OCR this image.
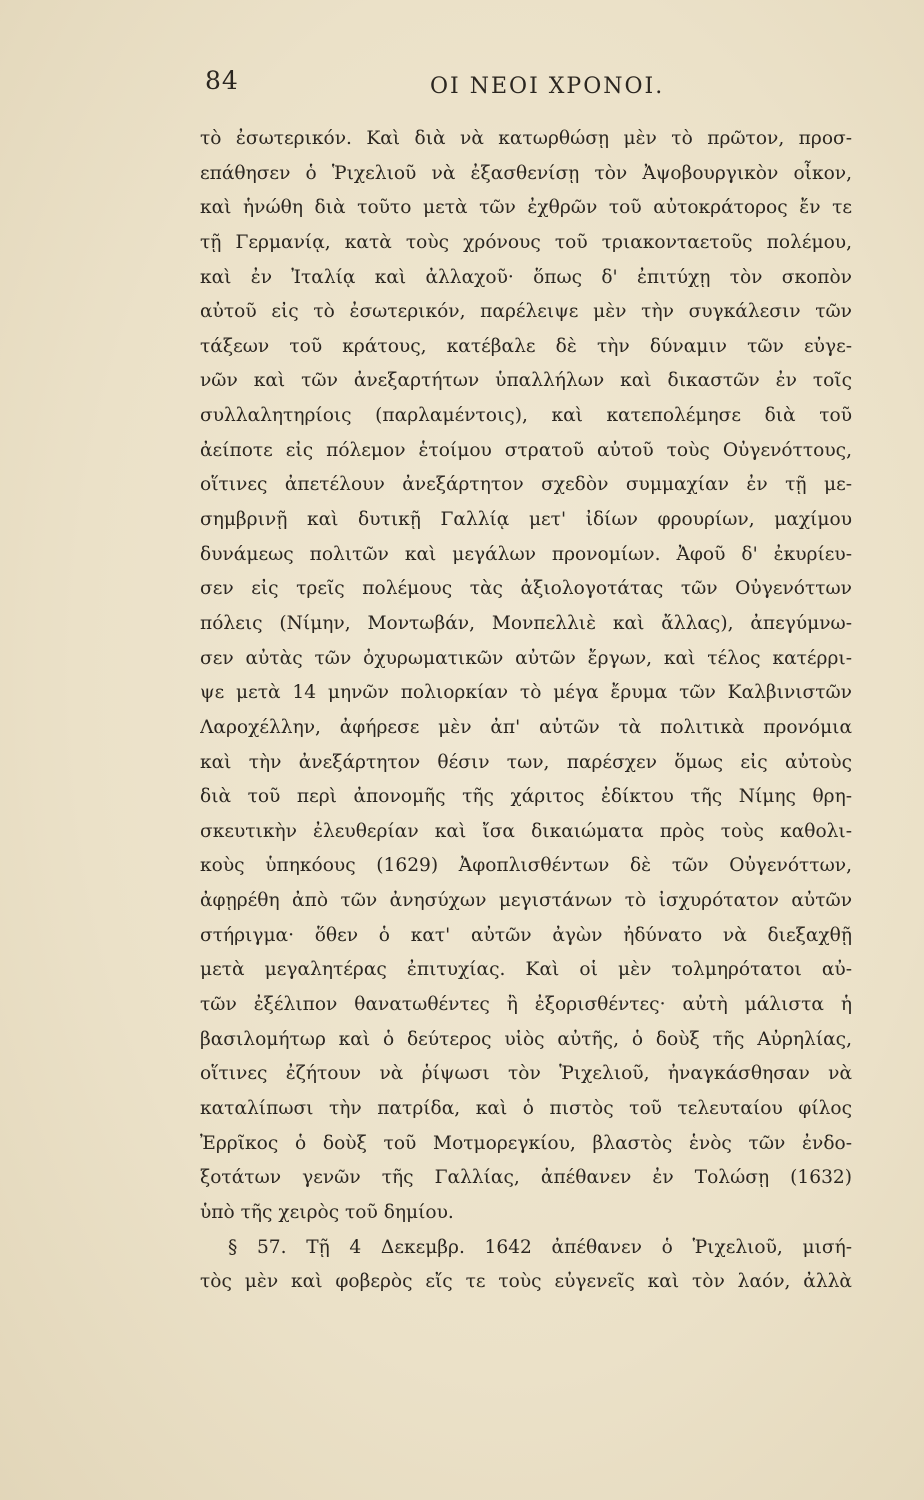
84	ΟΙ ΝΕΟΙ ΧΡΟΝΟΙ.
τὸ ἐσωτερικόν. Καὶ διὰ νὰ κατωρθώσῃ μὲν τὸ πρῶτον, προσ-
επάθησεν ὁ Ῥιχελιοῦ νὰ ἐξασθενίσῃ τὸν Ἀψοβουργικὸν οἶκον,
καὶ ἡνώθη διὰ τοῦτο μετὰ τῶν ἐχθρῶν τοῦ αὐτοκράτορος ἔν τε
τῇ Γερμανίᾳ, κατὰ τοὺς χρόνους τοῦ τριακονταετοῦς πολέμου,
καὶ ἐν Ἰταλίᾳ καὶ ἀλλαχοῦ· ὅπως δ' ἐπιτύχῃ τὸν σκοπὸν
αὐτοῦ εἰς τὸ ἐσωτερικόν, παρέλειψε μὲν τὴν συγκάλεσιν τῶν
τάξεων τοῦ κράτους, κατέβαλε δὲ τὴν δύναμιν τῶν εὐγε-
νῶν καὶ τῶν ἀνεξαρτήτων ὑπαλλήλων καὶ δικαστῶν ἐν τοῖς
συλλαλητηρίοις (παρλαμέντοις), καὶ κατεπολέμησε διὰ τοῦ
ἀείποτε εἰς πόλεμον ἑτοίμου στρατοῦ αὐτοῦ τοὺς Οὐγενόττους,
οἵτινες ἀπετέλουν ἀνεξάρτητον σχεδὸν συμμαχίαν ἐν τῇ με-
σημβρινῇ καὶ δυτικῇ Γαλλίᾳ μετ' ἰδίων φρουρίων, μαχίμου
δυνάμεως πολιτῶν καὶ μεγάλων προνομίων. Ἀφοῦ δ' ἐκυρίευ-
σεν εἰς τρεῖς πολέμους τὰς ἀξιολογοτάτας τῶν Οὐγενόττων
πόλεις (Νίμην, Μοντωβάν, Μονπελλιὲ καὶ ἄλλας), ἀπεγύμνω-
σεν αὐτὰς τῶν ὀχυρωματικῶν αὐτῶν ἔργων, καὶ τέλος κατέρρι-
ψε μετὰ 14 μηνῶν πολιορκίαν τὸ μέγα ἔρυμα τῶν Καλβινιστῶν
Λαροχέλλην, ἀφήρεσε μὲν ἀπ' αὐτῶν τὰ πολιτικὰ προνόμια
καὶ τὴν ἀνεξάρτητον θέσιν των, παρέσχεν ὅμως εἰς αὐτοὺς
διὰ τοῦ περὶ ἀπονομῆς τῆς χάριτος ἐδίκτου τῆς Νίμης θρη-
σκευτικὴν ἐλευθερίαν καὶ ἴσα δικαιώματα πρὸς τοὺς καθολι-
κοὺς ὑπηκόους (1629) Ἀφοπλισθέντων δὲ τῶν Οὐγενόττων,
ἀφῃρέθη ἀπὸ τῶν ἀνησύχων μεγιστάνων τὸ ἰσχυρότατον αὐτῶν
στήριγμα· ὅθεν ὁ κατ' αὐτῶν ἀγὼν ἠδύνατο νὰ διεξαχθῇ
μετὰ μεγαλητέρας ἐπιτυχίας. Καὶ οἱ μὲν τολμηρότατοι αὐ-
τῶν ἐξέλιπον θανατωθέντες ἢ ἐξορισθέντες· αὐτὴ μάλιστα ἡ
βασιλομήτωρ καὶ ὁ δεύτερος υἱὸς αὐτῆς, ὁ δοὺξ τῆς Αὐρηλίας,
οἵτινες ἐζήτουν νὰ ῥίψωσι τὸν Ῥιχελιοῦ, ἠναγκάσθησαν νὰ
καταλίπωσι τὴν πατρίδα, καὶ ὁ πιστὸς τοῦ τελευταίου φίλος
Ἐρρῖκος ὁ δοὺξ τοῦ Μοτμορεγκίου, βλαστὸς ἑνὸς τῶν ἐνδο-
ξοτάτων γενῶν τῆς Γαλλίας, ἀπέθανεν ἐν Τολώσῃ (1632)
ὑπὸ τῆς χειρὸς τοῦ δημίου.
§ 57. Τῇ 4 Δεκεμβρ. 1642 ἀπέθανεν ὁ Ῥιχελιοῦ, μισή-
τὸς μὲν καὶ φοβερὸς εἴς τε τοὺς εὐγενεῖς καὶ τὸν λαόν, ἀλλὰ
